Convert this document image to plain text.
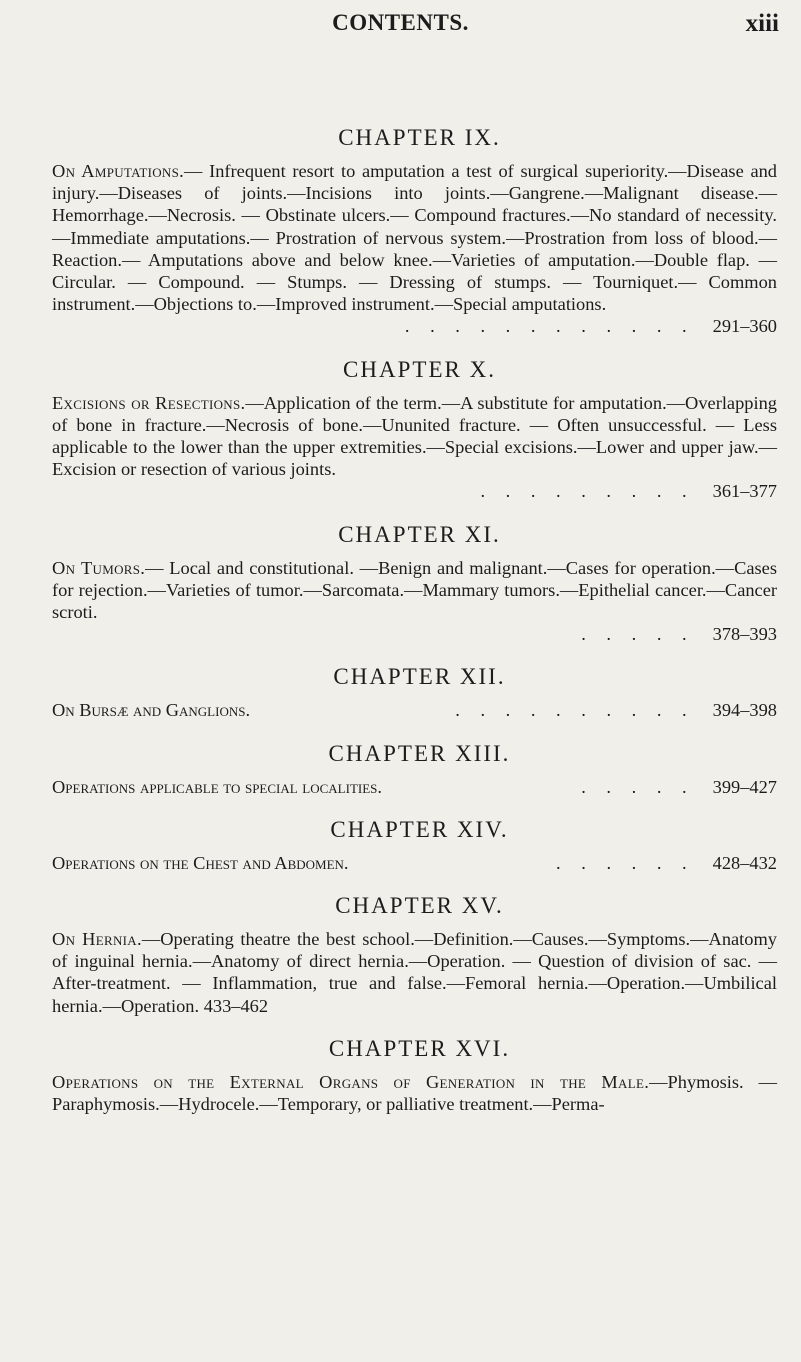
CONTENTS.	xiii
CHAPTER IX.
On Amputations.— Infrequent resort to amputation a test of surgical superiority.—Disease and injury.—Diseases of joints.—Incisions into joints.—Gangrene.—Malignant disease.—Hemorrhage.—Necrosis. — Obstinate ulcers.— Compound fractures.—No standard of necessity.—Immediate amputations.— Prostration of nervous system.—Prostration from loss of blood.—Reaction.— Amputations above and below knee.—Varieties of amputation.—Double flap. — Circular. — Compound. — Stumps. — Dressing of stumps. — Tourniquet.— Common instrument.—Objections to.—Improved instrument.—Special amputations.
. . . . . . . . . . . . 291–360
CHAPTER X.
Excisions or Resections.—Application of the term.—A substitute for amputation.—Overlapping of bone in fracture.—Necrosis of bone.—Ununited fracture. — Often unsuccessful. — Less applicable to the lower than the upper extremities.—Special excisions.—Lower and upper jaw.—Excision or resection of various joints.
. . . . . . . . . 361–377
CHAPTER XI.
On Tumors.— Local and constitutional. —Benign and malignant.—Cases for operation.—Cases for rejection.—Varieties of tumor.—Sarcomata.—Mammary tumors.—Epithelial cancer.—Cancer scroti.
. . . . . 378–393
CHAPTER XII.
On Bursæ and Ganglions.	. . . . . . . . . . 394–398
CHAPTER XIII.
Operations applicable to special localities.	. . . . . 399–427
CHAPTER XIV.
Operations on the Chest and Abdomen.	. . . . . . 428–432
CHAPTER XV.
On Hernia.—Operating theatre the best school.—Definition.—Causes.—Symptoms.—Anatomy of inguinal hernia.—Anatomy of direct hernia.—Operation. — Question of division of sac. — After-treatment. — Inflammation, true and false.—Femoral hernia.—Operation.—Umbilical hernia.—Operation. 433–462
CHAPTER XVI.
Operations on the External Organs of Generation in the Male.—Phymosis. —Paraphymosis.—Hydrocele.—Temporary, or palliative treatment.—Perma-
